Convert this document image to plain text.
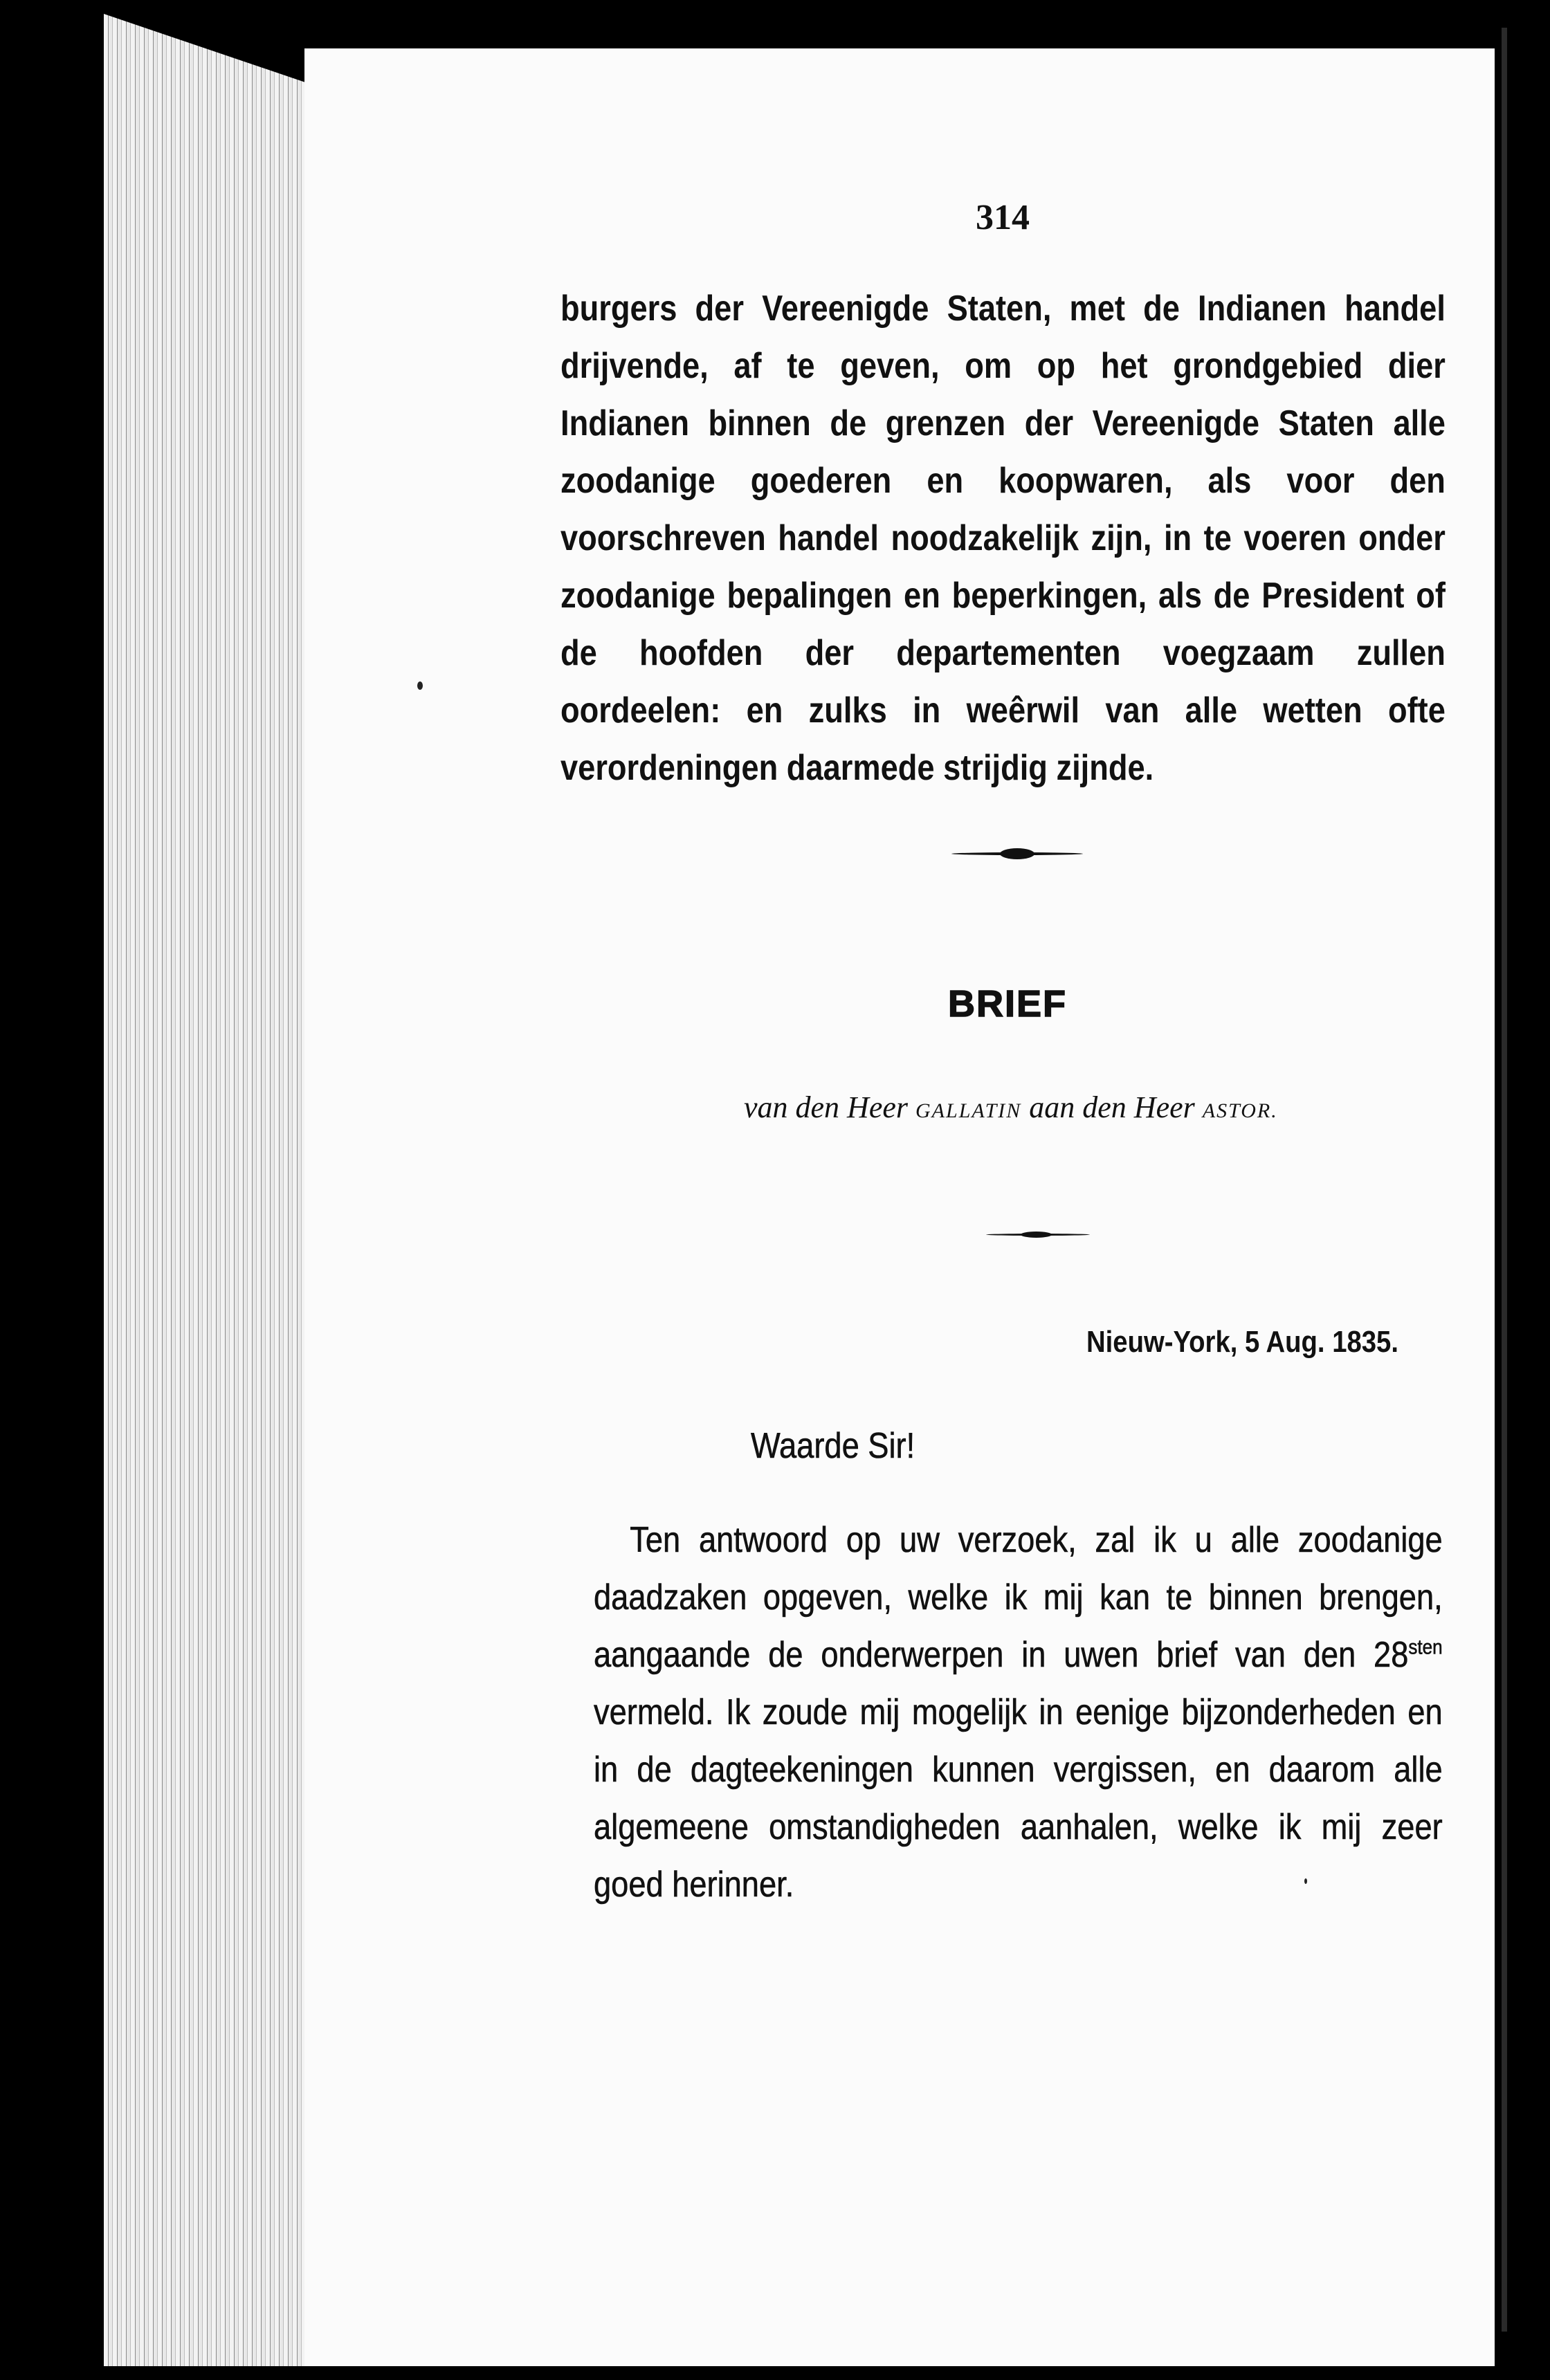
314
burgers der Vereenigde Staten, met de Indianen handel drijvende, af te geven, om op het grondgebied dier Indianen binnen de grenzen der Vereenigde Staten alle zoodanige goederen en koopwaren, als voor den voorschreven handel noodzakelijk zijn, in te voeren onder zoodanige bepalingen en beperkingen, als de President of de hoofden der departementen voegzaam zullen oordeelen: en zulks in weêrwil van alle wetten ofte verordeningen daarmede strijdig zijnde.
BRIEF
van den Heer GALLATIN aan den Heer ASTOR.
Nieuw-York, 5 Aug. 1835.
Waarde Sir!
Ten antwoord op uw verzoek, zal ik u alle zoodanige daadzaken opgeven, welke ik mij kan te binnen brengen, aangaande de onderwerpen in uwen brief van den $28^{sten}$ vermeld. Ik zoude mij mogelijk in eenige bijzonderheden en in de dagteekeningen kunnen vergissen, en daarom alle algemeene omstandigheden aanhalen, welke ik mij zeer goed herinner.
